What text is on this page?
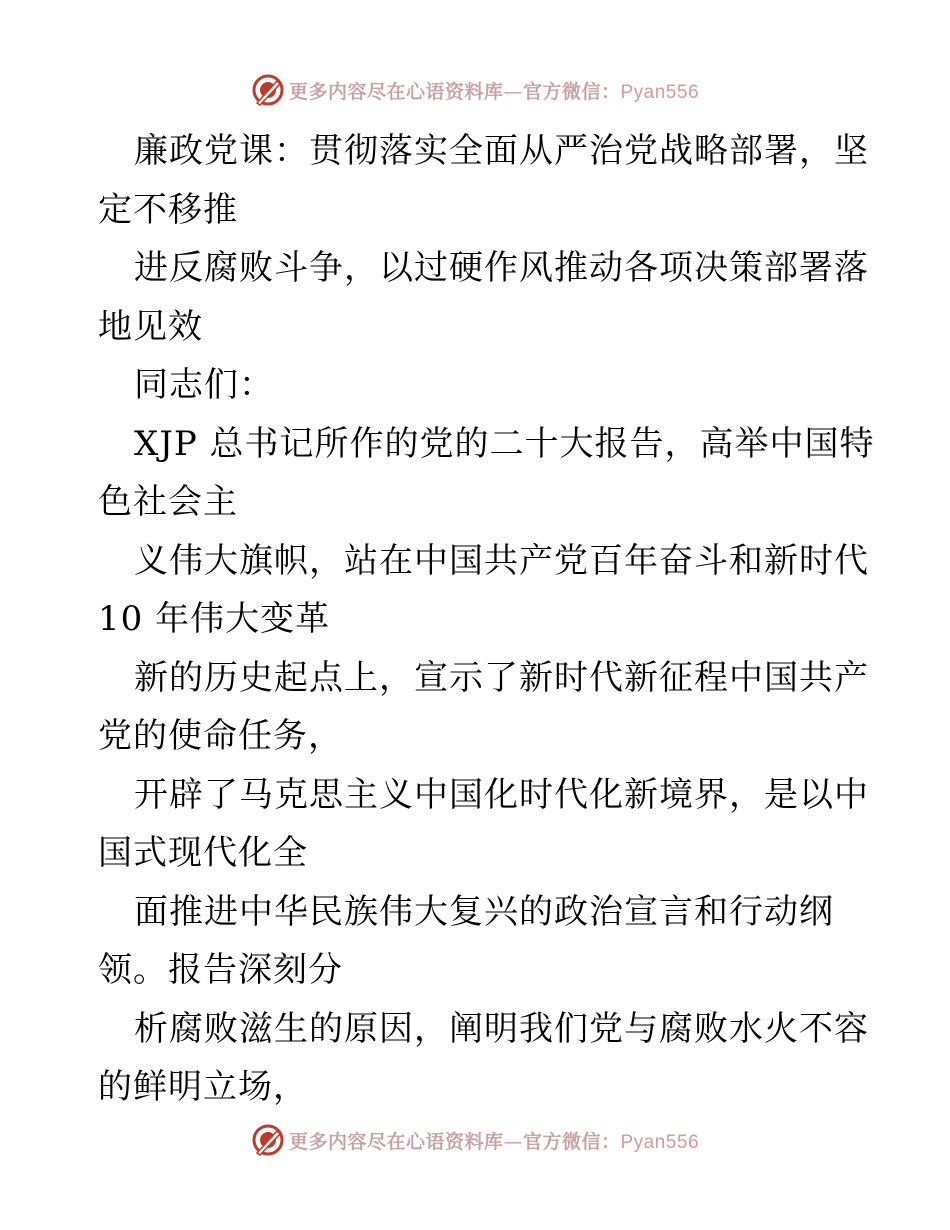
更多内容尽在心语资料库—官方微信：Pyan556
廉政党课：贯彻落实全面从严治党战略部署，坚
定不移推
进反腐败斗争，以过硬作风推动各项决策部署落
地见效
同志们：
XJP 总书记所作的党的二十大报告，高举中国特
色社会主
义伟大旗帜，站在中国共产党百年奋斗和新时代
10 年伟大变革
新的历史起点上，宣示了新时代新征程中国共产
党的使命任务，
开辟了马克思主义中国化时代化新境界，是以中
国式现代化全
面推进中华民族伟大复兴的政治宣言和行动纲
领。报告深刻分
析腐败滋生的原因，阐明我们党与腐败水火不容
的鲜明立场，
更多内容尽在心语资料库—官方微信：Pyan556
